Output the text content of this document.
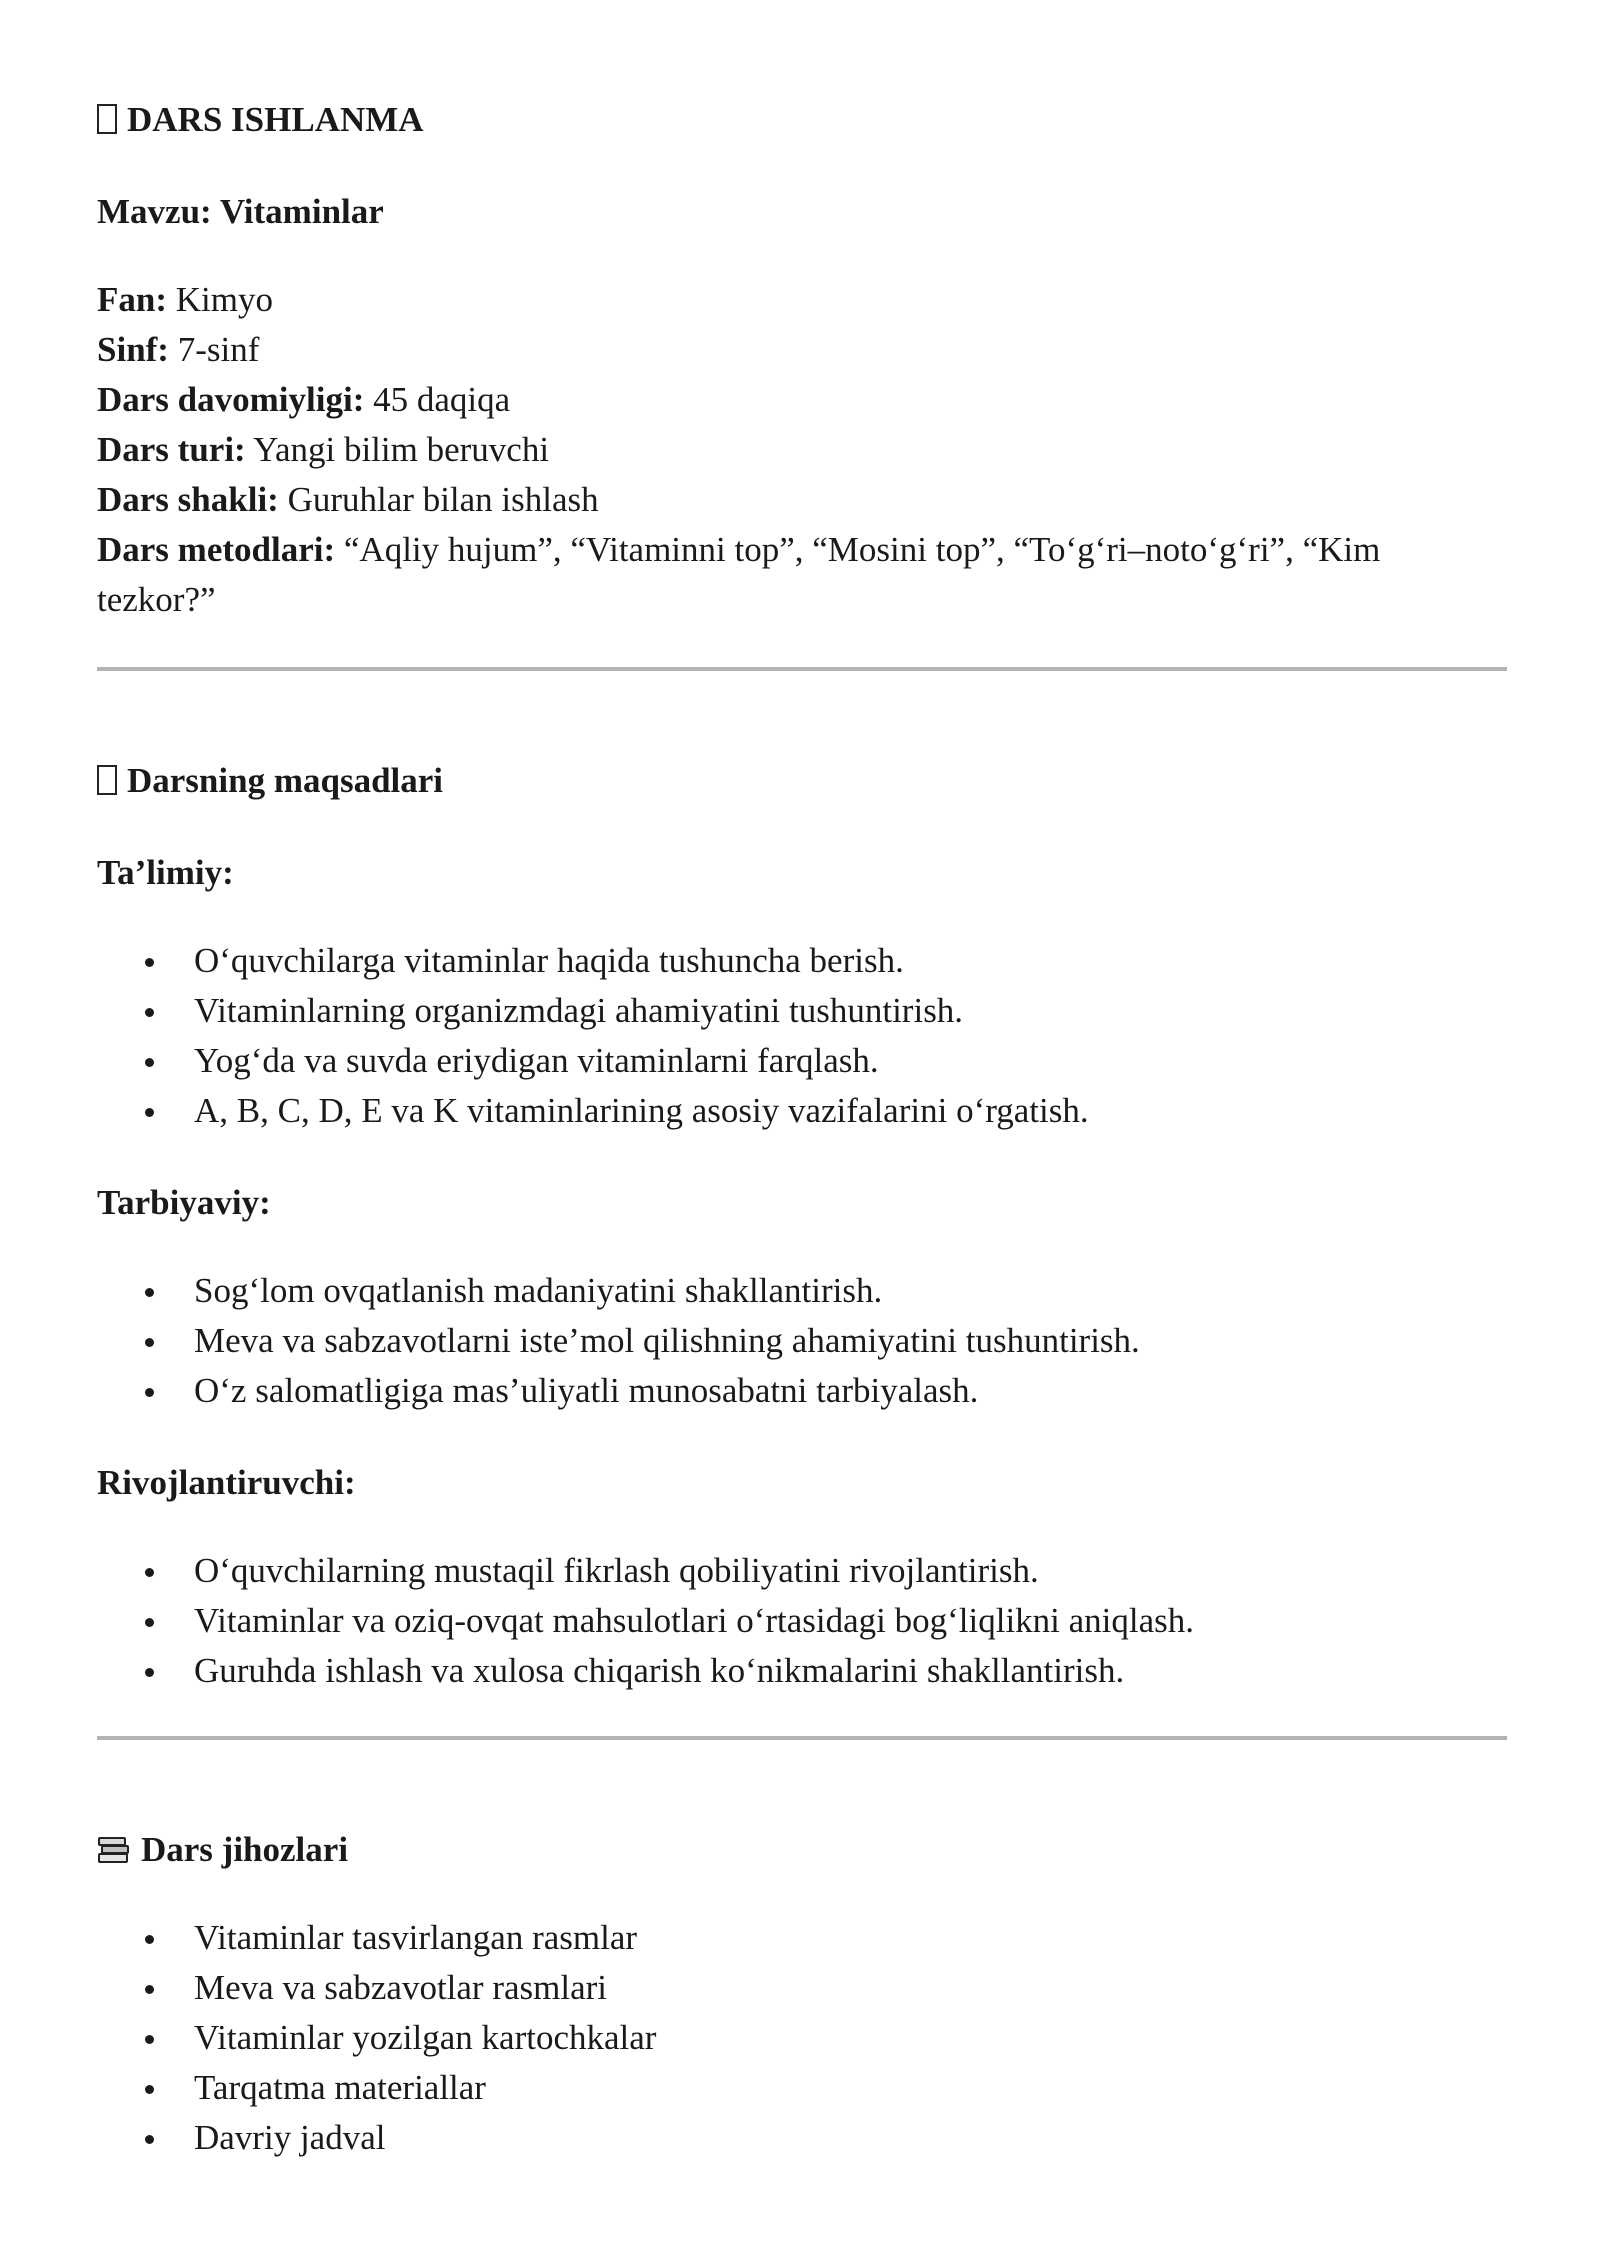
DARS ISHLANMA

Mavzu: Vitaminlar

Fan: Kimyo

Sinf: 7-sinf

Dars davomiyligi: 45 daqiqa

Dars turi: Yangi bilim beruvchi

Dars shakli: Guruhlar bilan ishlash

Dars metodlari: “Aqliy hujum”, “Vitaminni top”, “Mosini top”, “To‘g‘ri–noto‘g‘ri”, “Kim tezkor?”

Darsning maqsadlari

Ta’limiy:

O‘quvchilarga vitaminlar haqida tushuncha berish.
Vitaminlarning organizmdagi ahamiyatini tushuntirish.
Yog‘da va suvda eriydigan vitaminlarni farqlash.
A, B, C, D, E va K vitaminlarining asosiy vazifalarini o‘rgatish.

Tarbiyaviy:

Sog‘lom ovqatlanish madaniyatini shakllantirish.
Meva va sabzavotlarni iste’mol qilishning ahamiyatini tushuntirish.
O‘z salomatligiga mas’uliyatli munosabatni tarbiyalash.

Rivojlantiruvchi:

O‘quvchilarning mustaqil fikrlash qobiliyatini rivojlantirish.
Vitaminlar va oziq-ovqat mahsulotlari o‘rtasidagi bog‘liqlikni aniqlash.
Guruhda ishlash va xulosa chiqarish ko‘nikmalarini shakllantirish.

Dars jihozlari

Vitaminlar tasvirlangan rasmlar
Meva va sabzavotlar rasmlari
Vitaminlar yozilgan kartochkalar
Tarqatma materiallar
Davriy jadval
